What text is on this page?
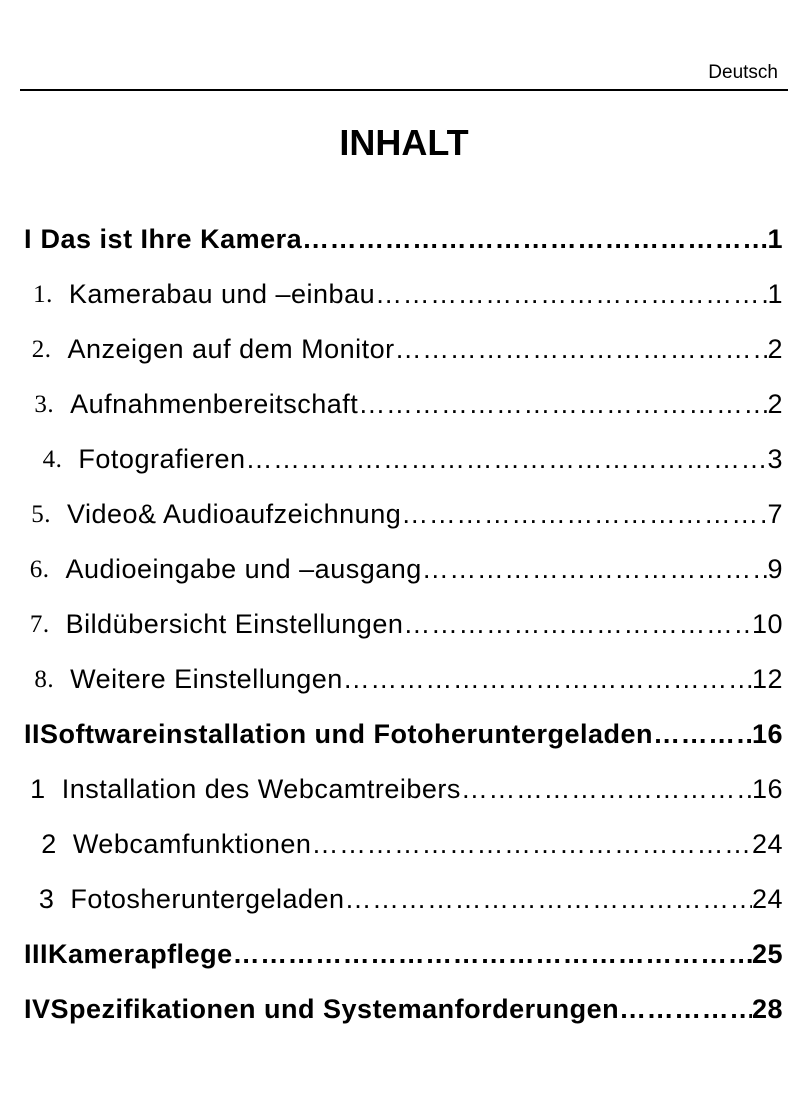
Deutsch
INHALT
I Das ist Ihre Kamera ……………………………………………………………………………………………………………	1
1. Kamerabau und –einbau ……………………………………………………………………………………………………………	1
2. Anzeigen auf dem Monitor ……………………………………………………………………………………………………………	2
3. Aufnahmenbereitschaft ……………………………………………………………………………………………………………	2
4. Fotografieren ……………………………………………………………………………………………………………	3
5. Video& Audioaufzeichnung ……………………………………………………………………………………………………………	7
6. Audioeingabe und –ausgang ……………………………………………………………………………………………………………	9
7. Bildübersicht Einstellungen ……………………………………………………………………………………………………………	10
8. Weitere Einstellungen ……………………………………………………………………………………………………………	12
II Softwareinstallation und Fotoheruntergeladen ……………………………………………………………………………………………………………	16
1 Installation des Webcamtreibers ……………………………………………………………………………………………………………	16
2 Webcamfunktionen ……………………………………………………………………………………………………………	24
3 Fotosheruntergeladen ……………………………………………………………………………………………………………	24
III Kamerapflege ……………………………………………………………………………………………………………	25
IV Spezifikationen und Systemanforderungen ……………………………………………………………………………………………………………	28
